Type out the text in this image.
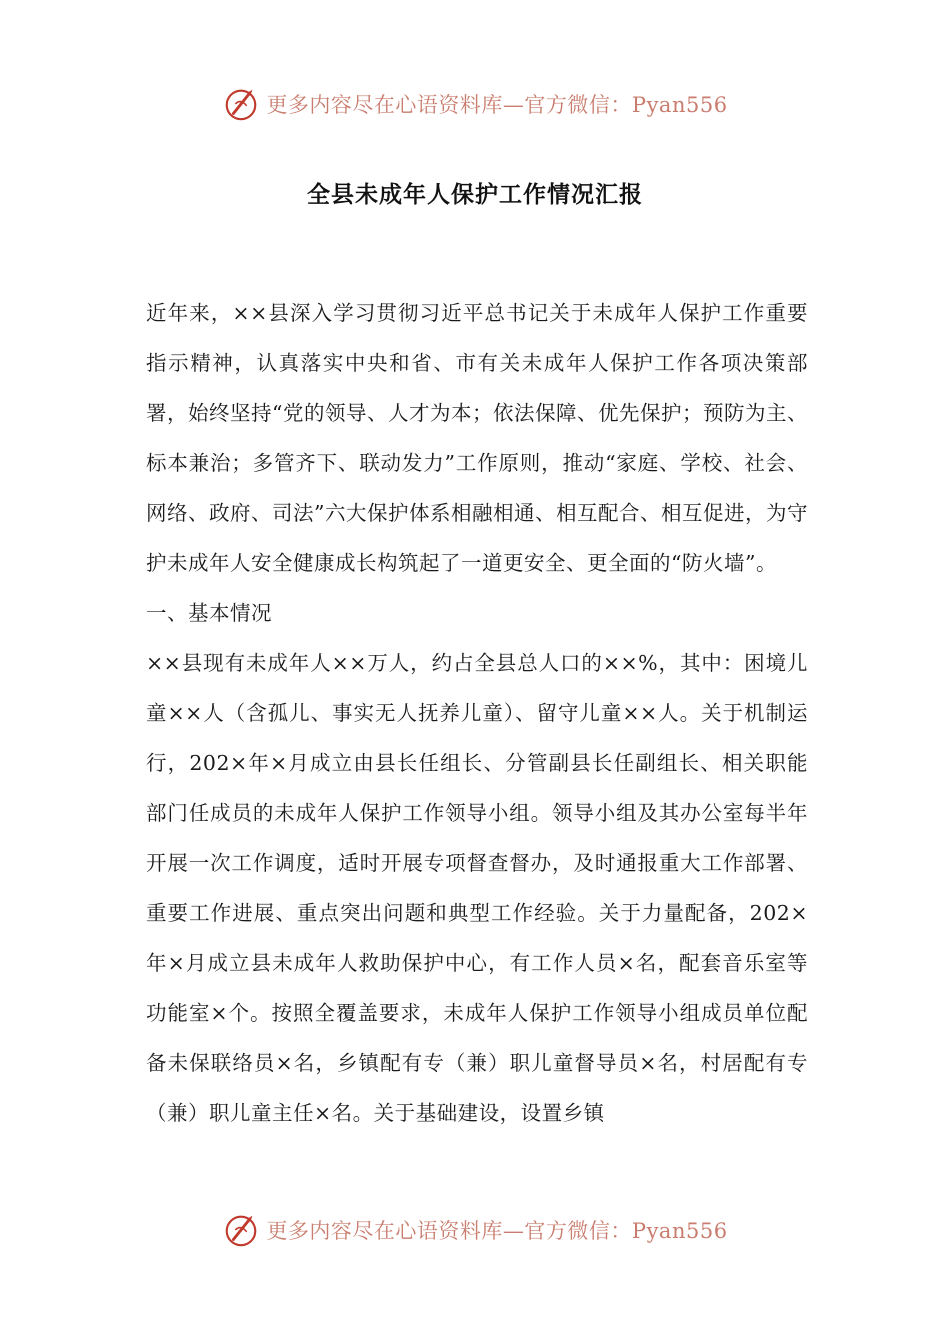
更多内容尽在心语资料库—官方微信：Pyan556
全县未成年人保护工作情况汇报

近年来，××县深入学习贯彻习近平总书记关于未成年人保护工作重要指示精神，认真落实中央和省、市有关未成年人保护工作各项决策部署，始终坚持“党的领导、人才为本；依法保障、优先保护；预防为主、标本兼治；多管齐下、联动发力”工作原则，推动“家庭、学校、社会、网络、政府、司法”六大保护体系相融相通、相互配合、相互促进，为守护未成年人安全健康成长构筑起了一道更安全、更全面的“防火墙”。

一、基本情况

××县现有未成年人××万人，约占全县总人口的××%，其中：困境儿童××人（含孤儿、事实无人抚养儿童）、留守儿童××人。关于机制运行，202×年×月成立由县长任组长、分管副县长任副组长、相关职能部门任成员的未成年人保护工作领导小组。领导小组及其办公室每半年开展一次工作调度，适时开展专项督查督办，及时通报重大工作部署、重要工作进展、重点突出问题和典型工作经验。关于力量配备，202×年×月成立县未成年人救助保护中心，有工作人员×名，配套音乐室等功能室×个。按照全覆盖要求，未成年人保护工作领导小组成员单位配备未保联络员×名，乡镇配有专（兼）职儿童督导员×名，村居配有专（兼）职儿童主任×名。关于基础建设，设置乡镇

更多内容尽在心语资料库—官方微信：Pyan556
